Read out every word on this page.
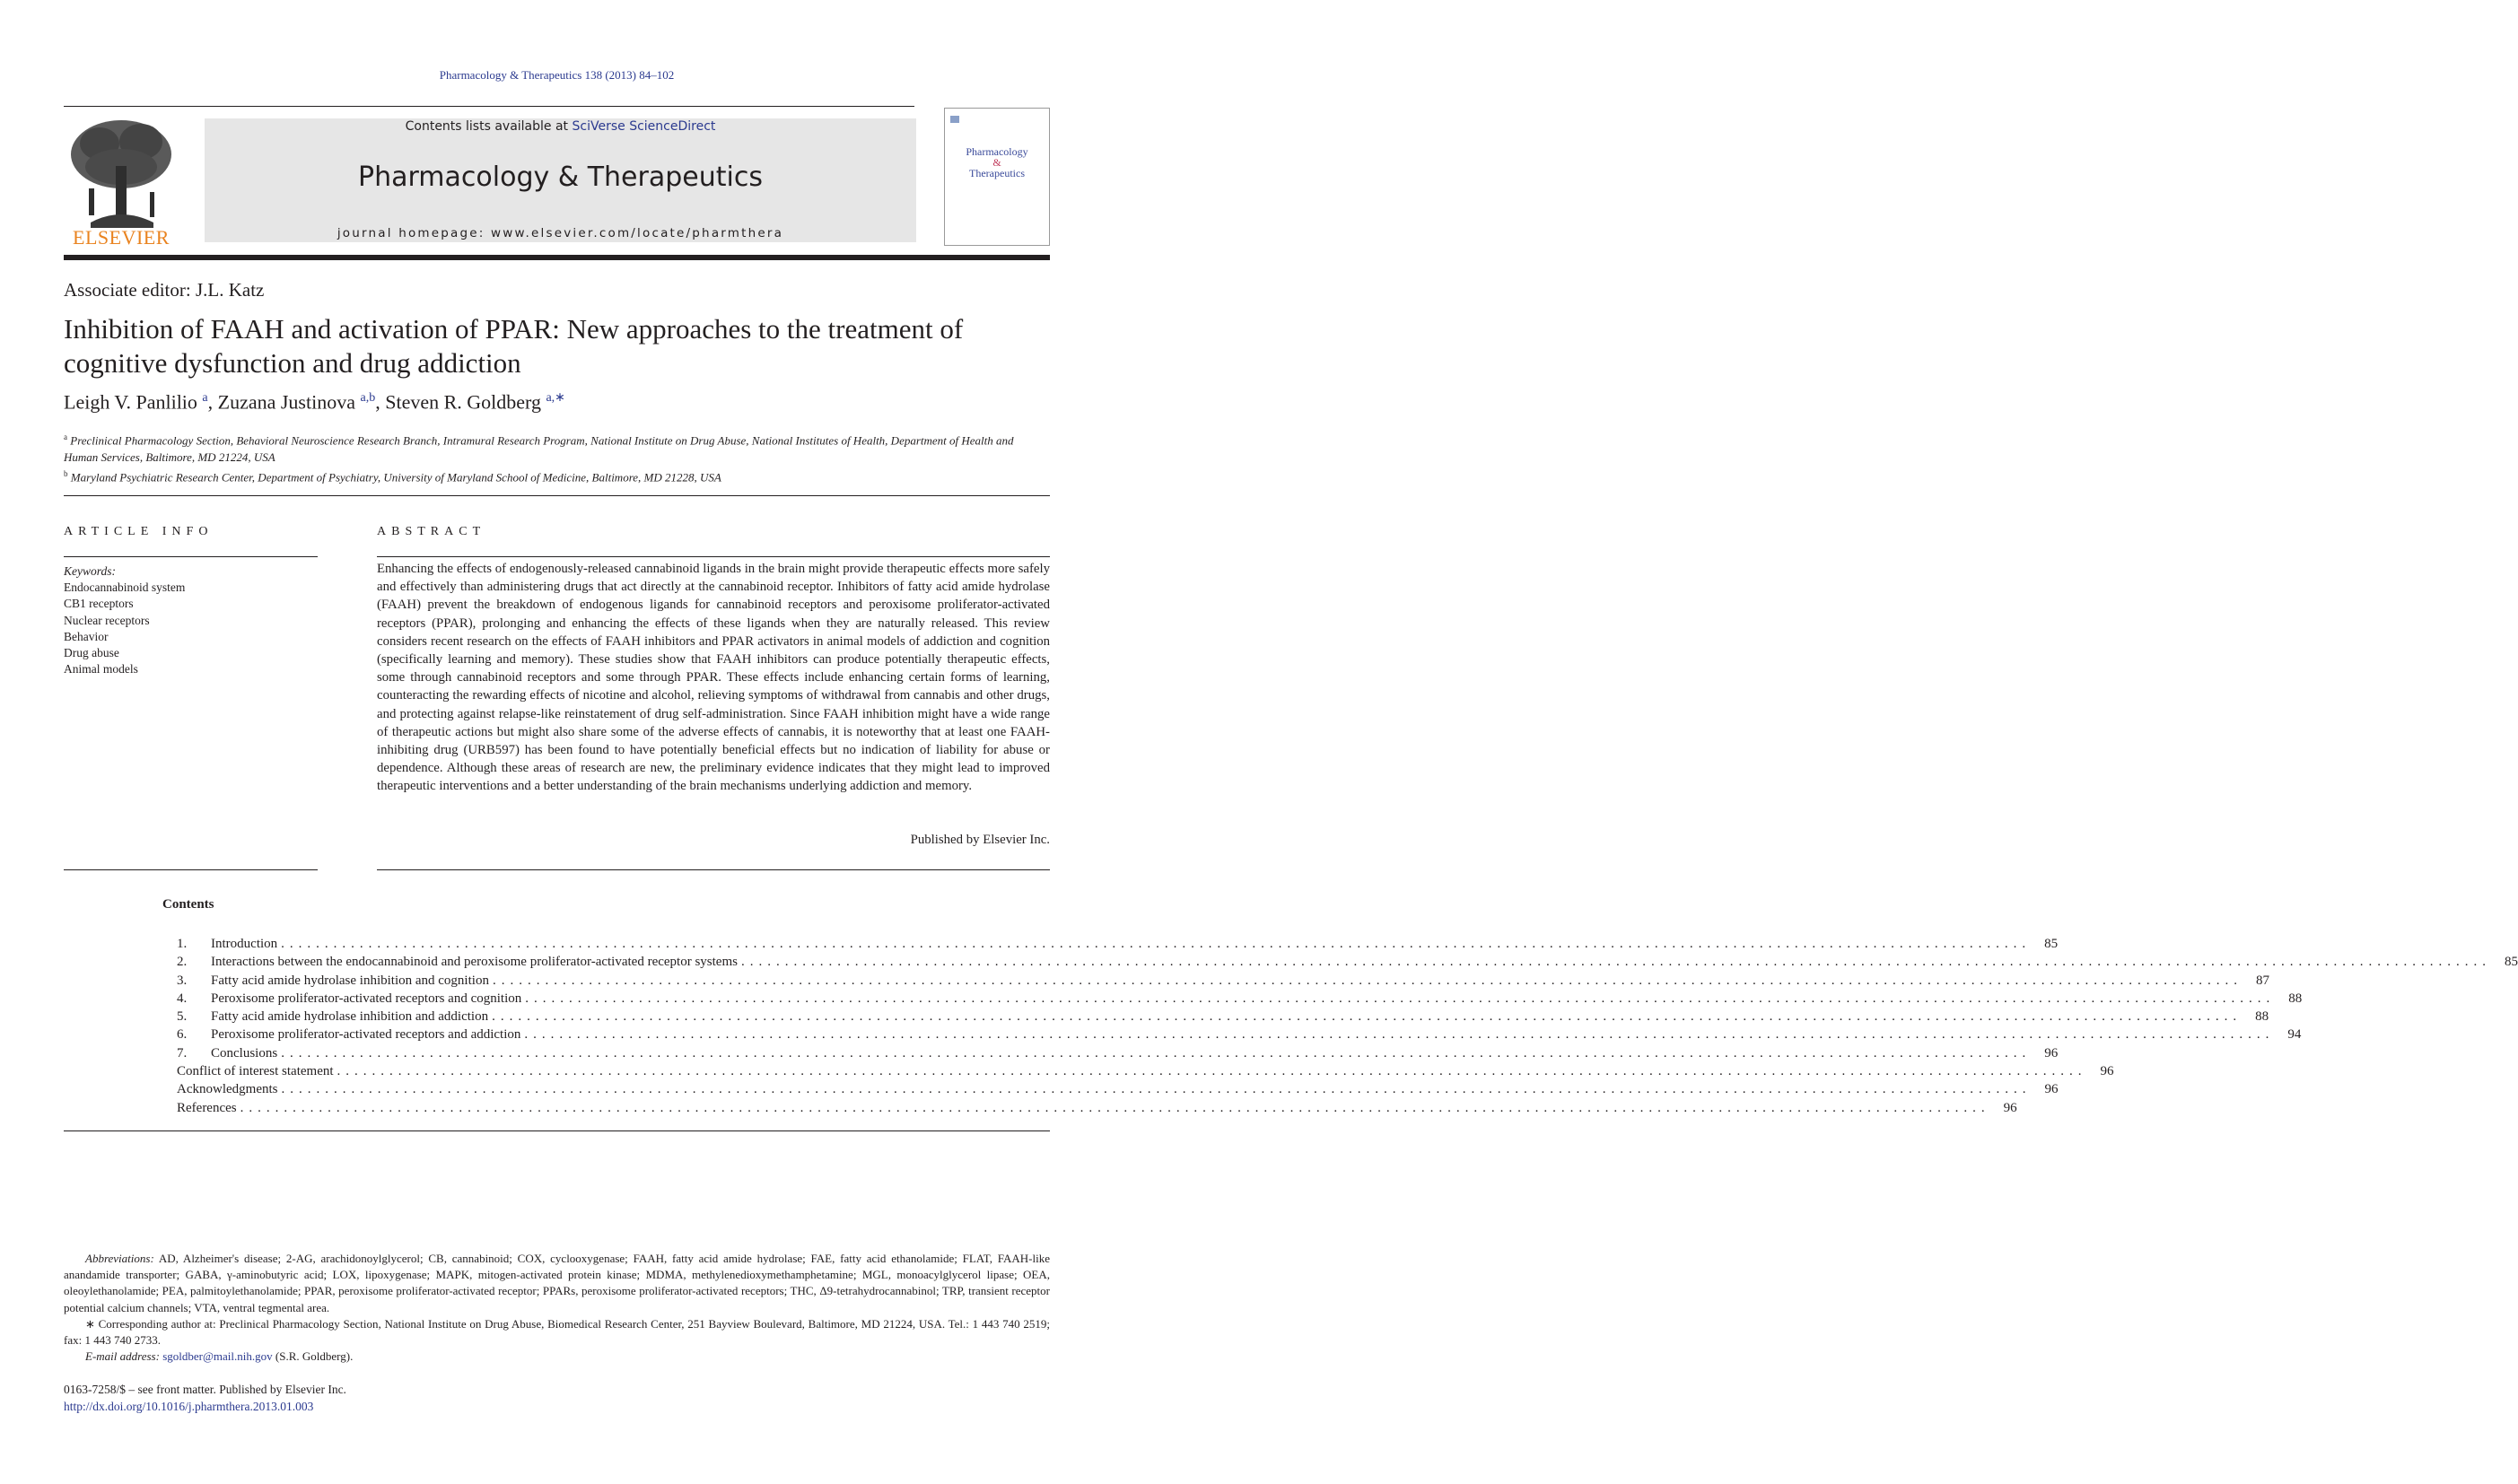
Pharmacology & Therapeutics 138 (2013) 84–102
ELSEVIER
Contents lists available at SciVerse ScienceDirect
Pharmacology & Therapeutics
journal homepage: www.elsevier.com/locate/pharmthera
Pharmacology
&
Therapeutics
Associate editor: J.L. Katz
Inhibition of FAAH and activation of PPAR: New approaches to the treatment of cognitive dysfunction and drug addiction
Leigh V. Panlilio $^a$, Zuzana Justinova $^{a,b}$, Steven R. Goldberg $^{a,∗}$
$^a$ Preclinical Pharmacology Section, Behavioral Neuroscience Research Branch, Intramural Research Program, National Institute on Drug Abuse, National Institutes of Health, Department of Health and Human Services, Baltimore, MD 21224, USA
$^b$ Maryland Psychiatric Research Center, Department of Psychiatry, University of Maryland School of Medicine, Baltimore, MD 21228, USA
ARTICLE INFO
Keywords:
Endocannabinoid system
CB1 receptors
Nuclear receptors
Behavior
Drug abuse
Animal models
ABSTRACT
Enhancing the effects of endogenously-released cannabinoid ligands in the brain might provide therapeutic effects more safely and effectively than administering drugs that act directly at the cannabinoid receptor. Inhibitors of fatty acid amide hydrolase (FAAH) prevent the breakdown of endogenous ligands for cannabinoid receptors and peroxisome proliferator-activated receptors (PPAR), prolonging and enhancing the effects of these ligands when they are naturally released. This review considers recent research on the effects of FAAH inhibitors and PPAR activators in animal models of addiction and cognition (specifically learning and memory). These studies show that FAAH inhibitors can produce potentially therapeutic effects, some through cannabinoid receptors and some through PPAR. These effects include enhancing certain forms of learning, counteracting the rewarding effects of nicotine and alcohol, relieving symptoms of withdrawal from cannabis and other drugs, and protecting against relapse-like reinstatement of drug self-administration. Since FAAH inhibition might have a wide range of therapeutic actions but might also share some of the adverse effects of cannabis, it is noteworthy that at least one FAAH-inhibiting drug (URB597) has been found to have potentially beneficial effects but no indication of liability for abuse or dependence. Although these areas of research are new, the preliminary evidence indicates that they might lead to improved therapeutic interventions and a better understanding of the brain mechanisms underlying addiction and memory.
Published by Elsevier Inc.
Contents
1.	Introduction ........................................................................................................................................................................................................	85
2.	Interactions between the endocannabinoid and peroxisome proliferator-activated receptor systems ........................................................................................................................................................................................................	85
3.	Fatty acid amide hydrolase inhibition and cognition ........................................................................................................................................................................................................	87
4.	Peroxisome proliferator-activated receptors and cognition ........................................................................................................................................................................................................	88
5.	Fatty acid amide hydrolase inhibition and addiction ........................................................................................................................................................................................................	88
6.	Peroxisome proliferator-activated receptors and addiction ........................................................................................................................................................................................................	94
7.	Conclusions ........................................................................................................................................................................................................	96
Conflict of interest statement ........................................................................................................................................................................................................	96
Acknowledgments ........................................................................................................................................................................................................	96
References ........................................................................................................................................................................................................	96
Abbreviations: AD, Alzheimer's disease; 2-AG, arachidonoylglycerol; CB, cannabinoid; COX, cyclooxygenase; FAAH, fatty acid amide hydrolase; FAE, fatty acid ethanolamide; FLAT, FAAH-like anandamide transporter; GABA, γ-aminobutyric acid; LOX, lipoxygenase; MAPK, mitogen-activated protein kinase; MDMA, methylenedioxymethamphetamine; MGL, monoacylglycerol lipase; OEA, oleoylethanolamide; PEA, palmitoylethanolamide; PPAR, peroxisome proliferator-activated receptor; PPARs, peroxisome proliferator-activated receptors; THC, Δ9-tetrahydrocannabinol; TRP, transient receptor potential calcium channels; VTA, ventral tegmental area.
∗ Corresponding author at: Preclinical Pharmacology Section, National Institute on Drug Abuse, Biomedical Research Center, 251 Bayview Boulevard, Baltimore, MD 21224, USA. Tel.: 1 443 740 2519; fax: 1 443 740 2733.
E-mail address: sgoldber@mail.nih.gov (S.R. Goldberg).
0163-7258/$ – see front matter. Published by Elsevier Inc.
http://dx.doi.org/10.1016/j.pharmthera.2013.01.003
